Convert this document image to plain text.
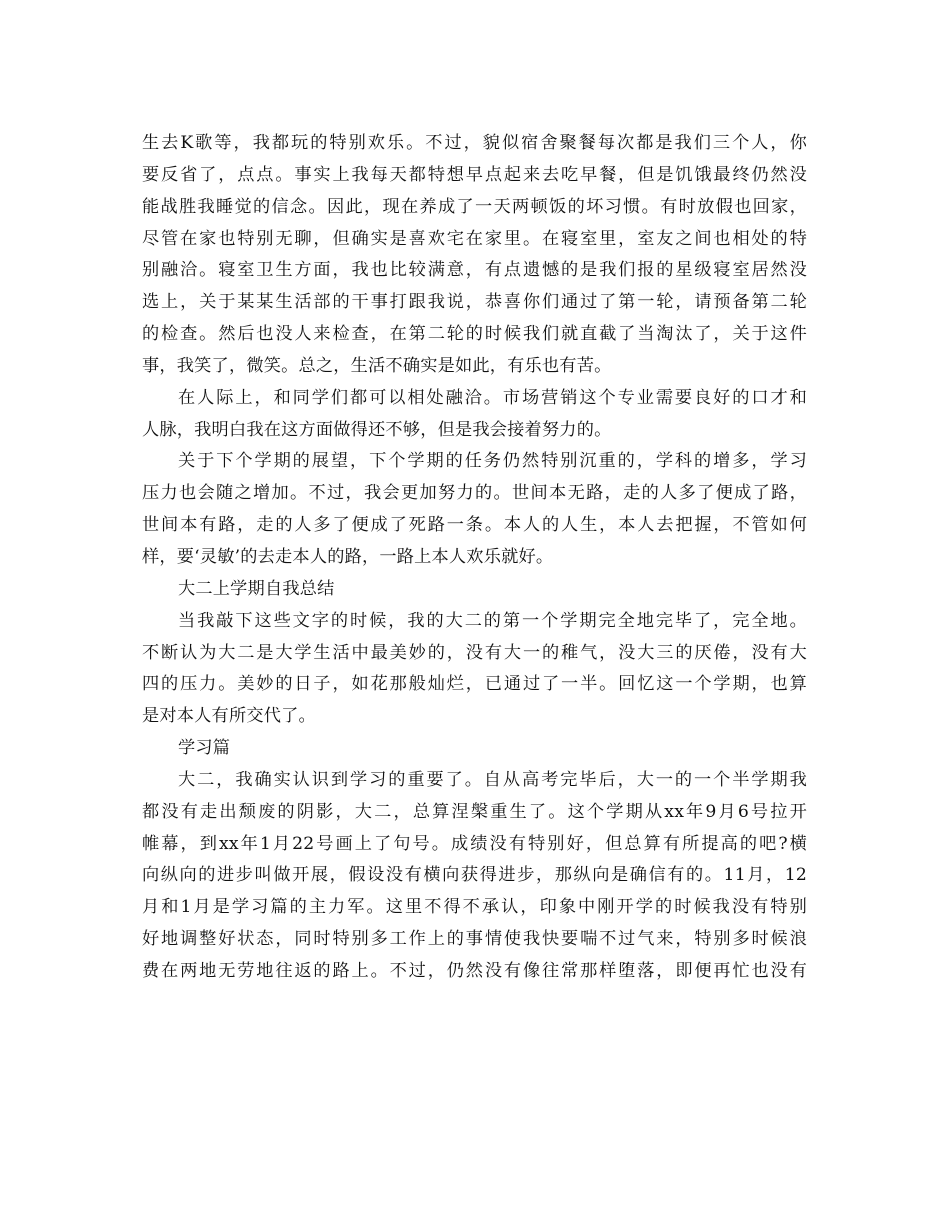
生去K歌等，我都玩的特别欢乐。不过，貌似宿舍聚餐每次都是我们三个人，你
要反省了，点点。事实上我每天都特想早点起来去吃早餐，但是饥饿最终仍然没
能战胜我睡觉的信念。因此，现在养成了一天两顿饭的坏习惯。有时放假也回家，
尽管在家也特别无聊，但确实是喜欢宅在家里。在寝室里，室友之间也相处的特
别融洽。寝室卫生方面，我也比较满意，有点遗憾的是我们报的星级寝室居然没
选上，关于某某生活部的干事打跟我说，恭喜你们通过了第一轮，请预备第二轮
的检查。然后也没人来检查，在第二轮的时候我们就直截了当淘汰了，关于这件
事，我笑了，微笑。总之，生活不确实是如此，有乐也有苦。
在人际上，和同学们都可以相处融洽。市场营销这个专业需要良好的口才和
人脉，我明白我在这方面做得还不够，但是我会接着努力的。
关于下个学期的展望，下个学期的任务仍然特别沉重的，学科的增多，学习
压力也会随之增加。不过，我会更加努力的。世间本无路，走的人多了便成了路，
世间本有路，走的人多了便成了死路一条。本人的人生，本人去把握，不管如何
样，要‘灵敏’的去走本人的路，一路上本人欢乐就好。
大二上学期自我总结
当我敲下这些文字的时候，我的大二的第一个学期完全地完毕了，完全地。
不断认为大二是大学生活中最美妙的，没有大一的稚气，没大三的厌倦，没有大
四的压力。美妙的日子，如花那般灿烂，已通过了一半。回忆这一个学期，也算
是对本人有所交代了。
学习篇
大二，我确实认识到学习的重要了。自从高考完毕后，大一的一个半学期我
都没有走出颓废的阴影，大二，总算涅槃重生了。这个学期从xx年9月6号拉开
帷幕，到xx年1月22号画上了句号。成绩没有特别好，但总算有所提高的吧?横
向纵向的进步叫做开展，假设没有横向获得进步，那纵向是确信有的。11月，12
月和1月是学习篇的主力军。这里不得不承认，印象中刚开学的时候我没有特别
好地调整好状态，同时特别多工作上的事情使我快要喘不过气来，特别多时候浪
费在两地无劳地往返的路上。不过，仍然没有像往常那样堕落，即便再忙也没有
